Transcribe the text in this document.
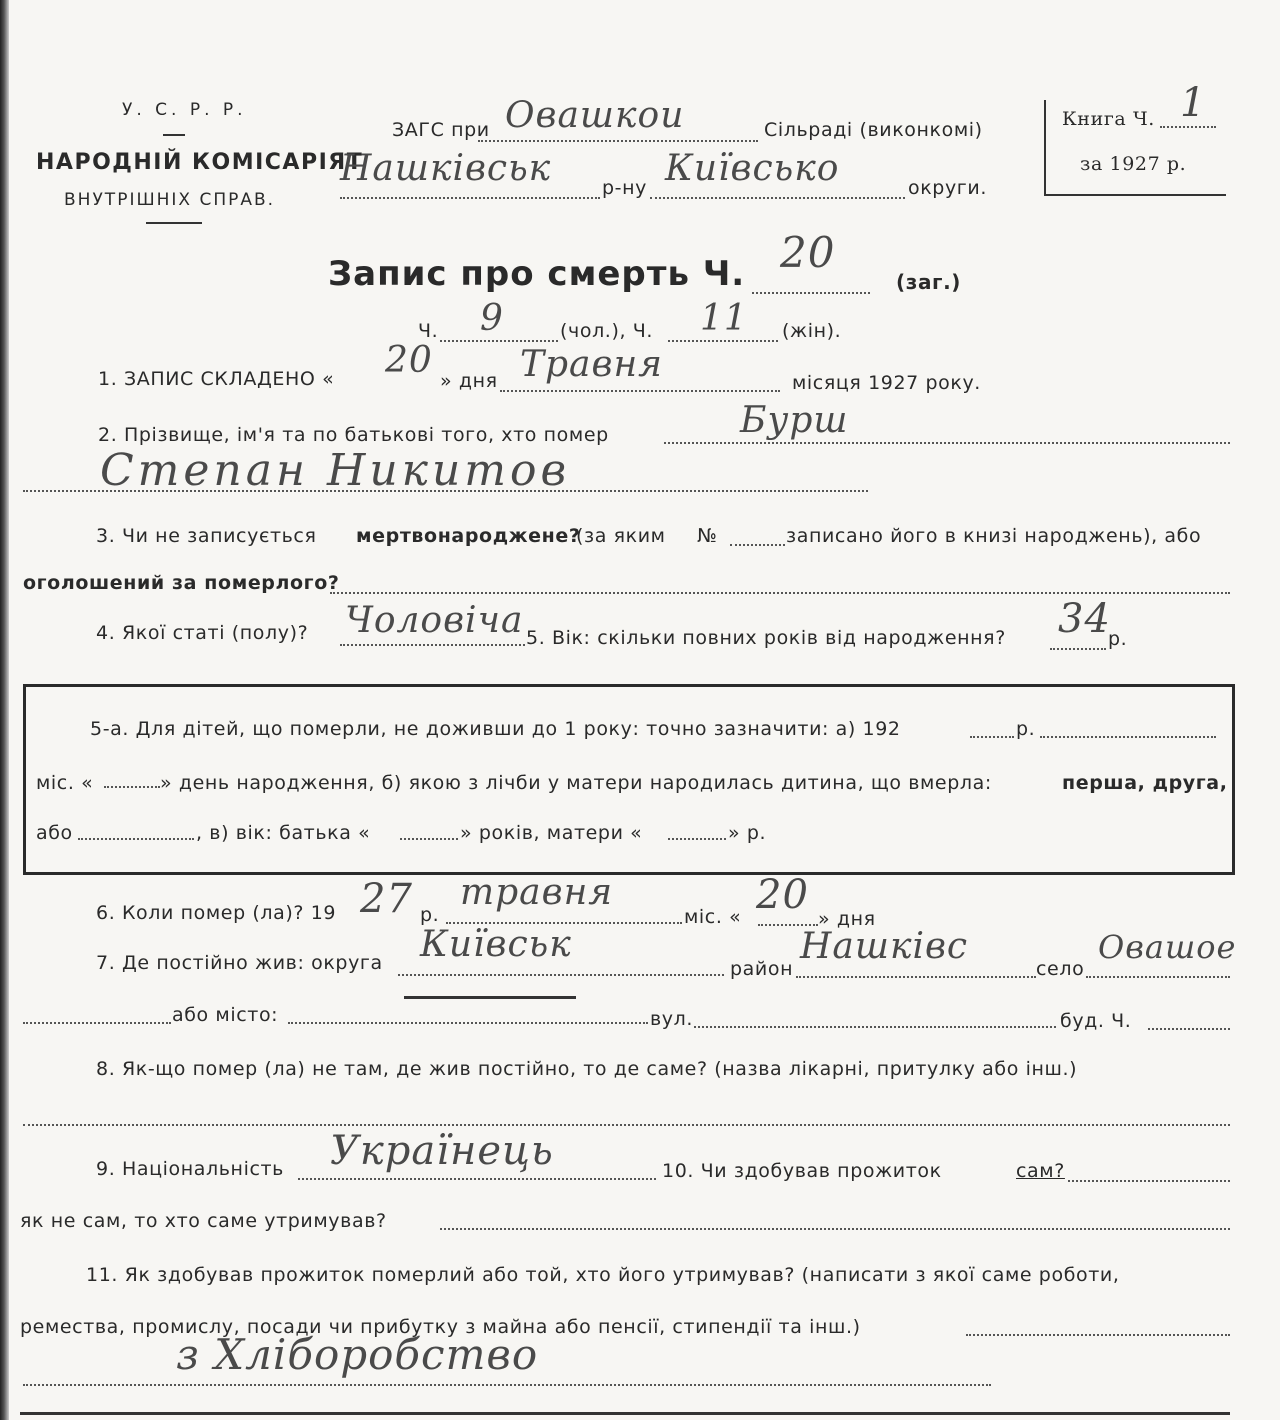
У. С. Р. Р.
НАРОДНІЙ КОМІСАРІЯТ
ВНУТРІШНІХ СПРАВ.
ЗАГС при Овашкои	Сільраді (виконкомі)
Нашківськ	р-ну Київсько	округи.
Книга Ч. 1
за 1927 р.
Запис про смерть Ч. 20
(заг.)
Ч. 9	(чол.), Ч. 11 (жін).
1. ЗАПИС СКЛАДЕНО « 20 » дня Травня	місяця 1927 року.
2. Прізвище, ім'я та по батькові того, хто помер	Бурш
Степан Никитов
3. Чи не записується мертвонароджене?
(за яким №	записано його в книзі народжень), або
оголошений за померлого?
4. Якої статі (полу)? Чоловіча 5. Вік: скільки повних років від народження? 34
р.
5-а. Для дітей, що померли, не доживши до 1 року: точно зазначити: а) 192	р.
міс. «	» день народження, б) якою з лічби у матери народилась дитина, що вмерла:	перша, друга,
або	, в) вік: батька «	» років, матери «	» р.
6. Коли помер (ла)? 19 27 р.
травня
міс. « 20
» дня
7. Де постійно жив: округа Київськ
район
Нашківс
село
Овашое
або місто:	вул.	буд. Ч.
8. Як-що помер (ла) не там, де жив постійно, то де саме? (назва лікарні, притулку або інш.)
9. Національність Українець	10. Чи здобував прожиток	сам?
як не сам, то хто саме утримував?
11. Як здобував прожиток померлий або той, хто його утримував? (написати з якої саме роботи,
ремества, промислу, посади чи прибутку з майна або пенсії, стипендії та інш.)
з Хліборобство
